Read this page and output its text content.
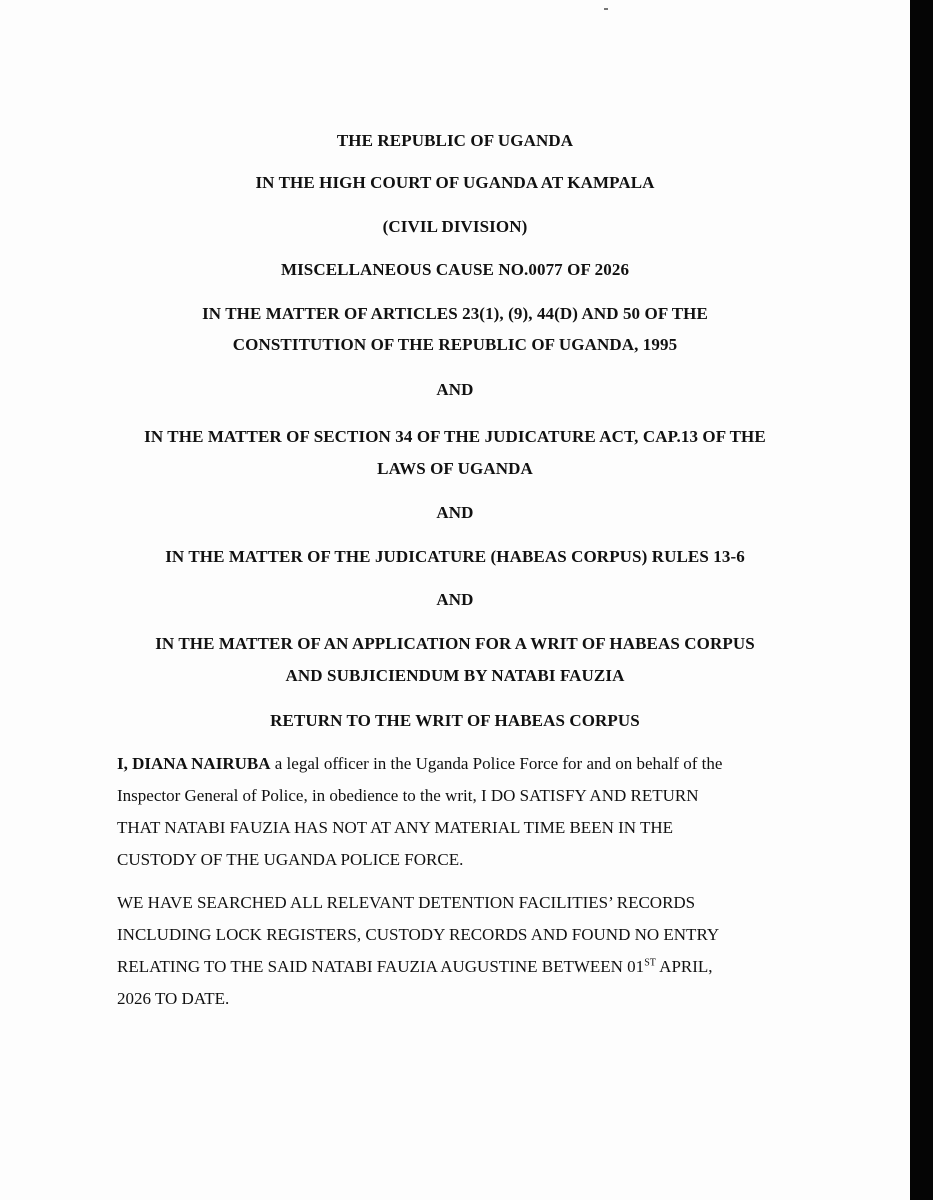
THE REPUBLIC OF UGANDA
IN THE HIGH COURT OF UGANDA AT KAMPALA
(CIVIL DIVISION)
MISCELLANEOUS CAUSE NO.0077 OF 2026
IN THE MATTER OF ARTICLES 23(1), (9), 44(D) AND 50 OF THE
CONSTITUTION OF THE REPUBLIC OF UGANDA, 1995
AND
IN THE MATTER OF SECTION 34 OF THE JUDICATURE ACT, CAP.13 OF THE
LAWS OF UGANDA
AND
IN THE MATTER OF THE JUDICATURE (HABEAS CORPUS) RULES 13-6
AND
IN THE MATTER OF AN APPLICATION FOR A WRIT OF HABEAS CORPUS
AND SUBJICIENDUM BY NATABI FAUZIA
RETURN TO THE WRIT OF HABEAS CORPUS
I, DIANA NAIRUBA a legal officer in the Uganda Police Force for and on behalf of the
Inspector General of Police, in obedience to the writ, I DO SATISFY AND RETURN
THAT NATABI FAUZIA HAS NOT AT ANY MATERIAL TIME BEEN IN THE
CUSTODY OF THE UGANDA POLICE FORCE.
WE HAVE SEARCHED ALL RELEVANT DETENTION FACILITIES’ RECORDS
INCLUDING LOCK REGISTERS, CUSTODY RECORDS AND FOUND NO ENTRY
RELATING TO THE SAID NATABI FAUZIA AUGUSTINE BETWEEN 01ST APRIL,
2026 TO DATE.
